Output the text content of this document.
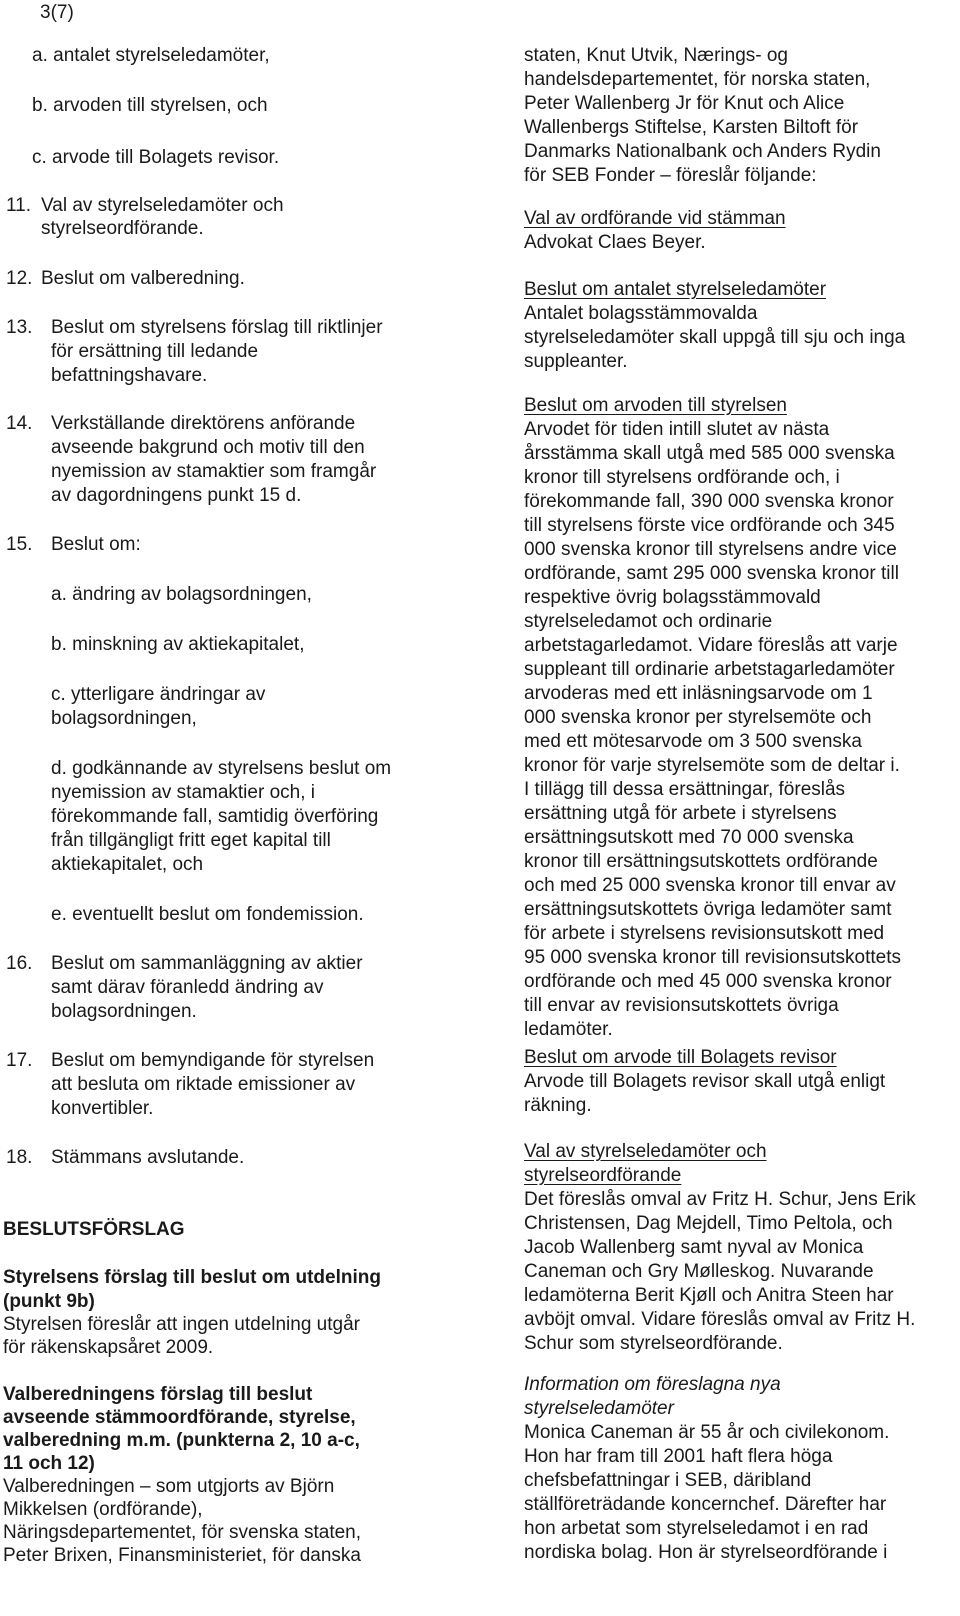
3(7)
a. antalet styrelseledamöter,
b. arvoden till styrelsen, och
c. arvode till Bolagets revisor.
11. Val av styrelseledamöter och
styrelseordförande.
12. Beslut om valberedning.
13. Beslut om styrelsens förslag till riktlinjer
för ersättning till ledande
befattningshavare.
14. Verkställande direktörens anförande
avseende bakgrund och motiv till den
nyemission av stamaktier som framgår
av dagordningens punkt 15 d.
15. Beslut om:
a. ändring av bolagsordningen,
b. minskning av aktiekapitalet,
c. ytterligare ändringar av
bolagsordningen,
d. godkännande av styrelsens beslut om
nyemission av stamaktier och, i
förekommande fall, samtidig överföring
från tillgängligt fritt eget kapital till
aktiekapitalet, och
e. eventuellt beslut om fondemission.
16. Beslut om sammanläggning av aktier
samt därav föranledd ändring av
bolagsordningen.
17. Beslut om bemyndigande för styrelsen
att besluta om riktade emissioner av
konvertibler.
18. Stämmans avslutande.
BESLUTSFÖRSLAG
Styrelsens förslag till beslut om utdelning
(punkt 9b)
Styrelsen föreslår att ingen utdelning utgår
för räkenskapsåret 2009.
Valberedningens förslag till beslut
avseende stämmoordförande, styrelse,
valberedning m.m. (punkterna 2, 10 a-c,
11 och 12)
Valberedningen – som utgjorts av Björn
Mikkelsen (ordförande),
Näringsdepartementet, för svenska staten,
Peter Brixen, Finansministeriet, för danska

staten, Knut Utvik, Nærings- og

handelsdepartementet, för norska staten,

Peter Wallenberg Jr för Knut och Alice

Wallenbergs Stiftelse, Karsten Biltoft för

Danmarks Nationalbank och Anders Rydin

för SEB Fonder – föreslår följande:

Val av ordförande vid stämman

Advokat Claes Beyer.

Beslut om antalet styrelseledamöter

Antalet bolagsstämmovalda

styrelseledamöter skall uppgå till sju och inga

suppleanter.

Beslut om arvoden till styrelsen

Arvodet för tiden intill slutet av nästa

årsstämma skall utgå med 585 000 svenska

kronor till styrelsens ordförande och, i

förekommande fall, 390 000 svenska kronor

till styrelsens förste vice ordförande och 345

000 svenska kronor till styrelsens andre vice

ordförande, samt 295 000 svenska kronor till

respektive övrig bolagsstämmovald

styrelseledamot och ordinarie

arbetstagarledamot. Vidare föreslås att varje

suppleant till ordinarie arbetstagarledamöter

arvoderas med ett inläsningsarvode om 1

000 svenska kronor per styrelsemöte och

med ett mötesarvode om 3 500 svenska

kronor för varje styrelsemöte som de deltar i.

I tillägg till dessa ersättningar, föreslås

ersättning utgå för arbete i styrelsens

ersättningsutskott med 70 000 svenska

kronor till ersättningsutskottets ordförande

och med 25 000 svenska kronor till envar av

ersättningsutskottets övriga ledamöter samt

för arbete i styrelsens revisionsutskott med

95 000 svenska kronor till revisionsutskottets

ordförande och med 45 000 svenska kronor

till envar av revisionsutskottets övriga

ledamöter.

Beslut om arvode till Bolagets revisor

Arvode till Bolagets revisor skall utgå enligt

räkning.

Val av styrelseledamöter och

styrelseordförande

Det föreslås omval av Fritz H. Schur, Jens Erik

Christensen, Dag Mejdell, Timo Peltola, och

Jacob Wallenberg samt nyval av Monica

Caneman och Gry Mølleskog. Nuvarande

ledamöterna Berit Kjøll och Anitra Steen har

avböjt omval. Vidare föreslås omval av Fritz H.

Schur som styrelseordförande.

Information om föreslagna nya

styrelseledamöter

Monica Caneman är 55 år och civilekonom.

Hon har fram till 2001 haft flera höga

chefsbefattningar i SEB, däribland

ställföreträdande koncernchef. Därefter har

hon arbetat som styrelseledamot i en rad

nordiska bolag. Hon är styrelseordförande i
